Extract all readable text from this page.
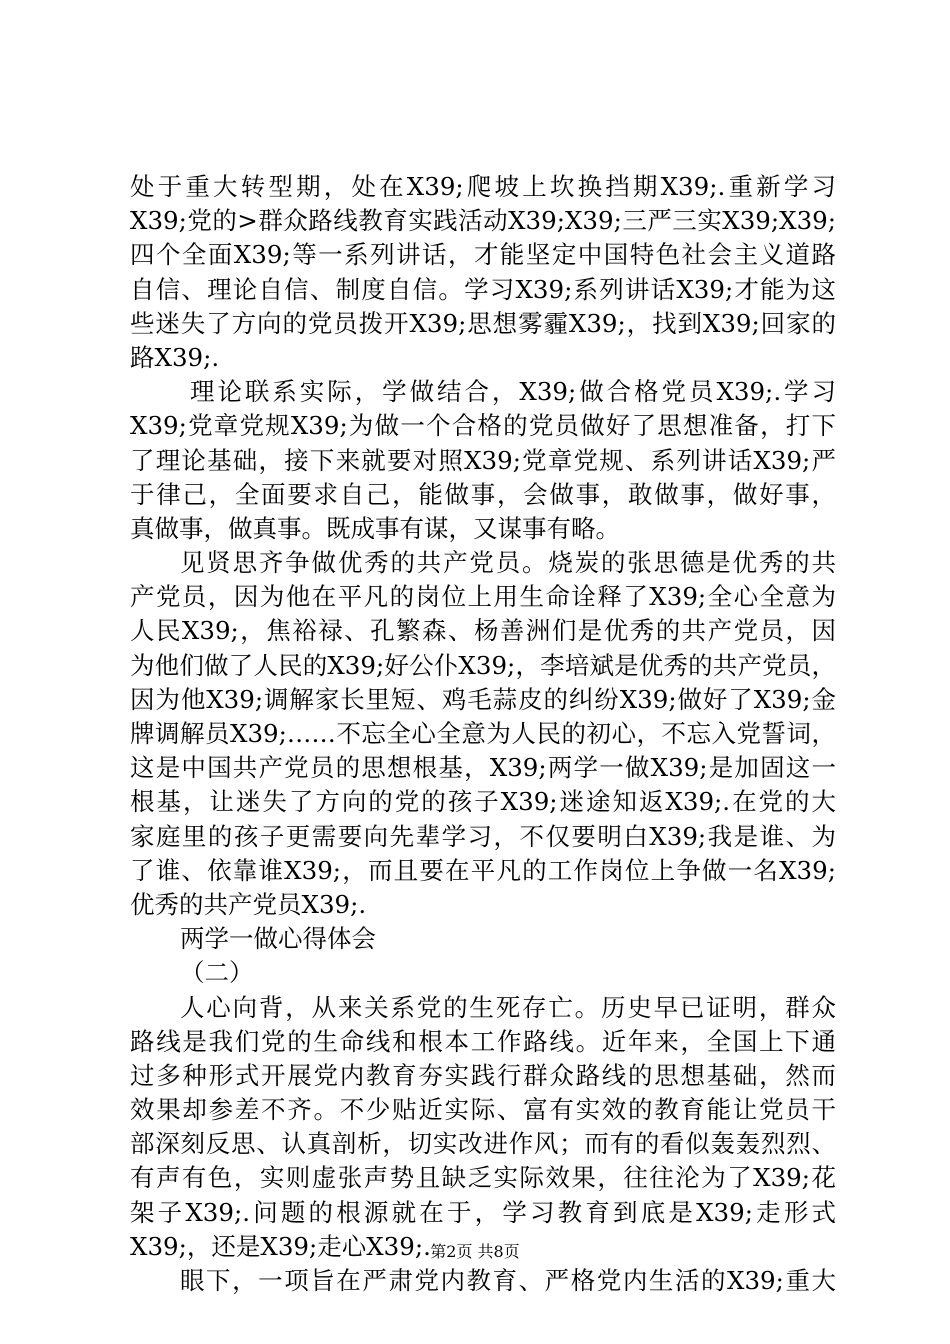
处于重大转型期，处在X39;爬坡上坎换挡期X39;.重新学习
X39;党的>群众路线教育实践活动X39;X39;三严三实X39;X39;
四个全面X39;等一系列讲话，才能坚定中国特色社会主义道路
自信、理论自信、制度自信。学习X39;系列讲话X39;才能为这
些迷失了方向的党员拨开X39;思想雾霾X39;，找到X39;回家的
路X39;.
理论联系实际，学做结合，X39;做合格党员X39;.学习
X39;党章党规X39;为做一个合格的党员做好了思想准备，打下
了理论基础，接下来就要对照X39;党章党规、系列讲话X39;严
于律己，全面要求自己，能做事，会做事，敢做事，做好事，
真做事，做真事。既成事有谋，又谋事有略。
见贤思齐争做优秀的共产党员。烧炭的张思德是优秀的共
产党员，因为他在平凡的岗位上用生命诠释了X39;全心全意为
人民X39;，焦裕禄、孔繁森、杨善洲们是优秀的共产党员，因
为他们做了人民的X39;好公仆X39;，李培斌是优秀的共产党员，
因为他X39;调解家长里短、鸡毛蒜皮的纠纷X39;做好了X39;金
牌调解员X39;……不忘全心全意为人民的初心，不忘入党誓词，
这是中国共产党员的思想根基，X39;两学一做X39;是加固这一
根基，让迷失了方向的党的孩子X39;迷途知返X39;.在党的大
家庭里的孩子更需要向先辈学习，不仅要明白X39;我是谁、为
了谁、依靠谁X39;，而且要在平凡的工作岗位上争做一名X39;
优秀的共产党员X39;.
两学一做心得体会
（二）
人心向背，从来关系党的生死存亡。历史早已证明，群众
路线是我们党的生命线和根本工作路线。近年来，全国上下通
过多种形式开展党内教育夯实践行群众路线的思想基础，然而
效果却参差不齐。不少贴近实际、富有实效的教育能让党员干
部深刻反思、认真剖析，切实改进作风；而有的看似轰轰烈烈、
有声有色，实则虚张声势且缺乏实际效果，往往沦为了X39;花
架子X39;.问题的根源就在于，学习教育到底是X39;走形式
X39;，还是X39;走心X39;.
眼下，一项旨在严肃党内教育、严格党内生活的X39;重大
第2页 共8页
